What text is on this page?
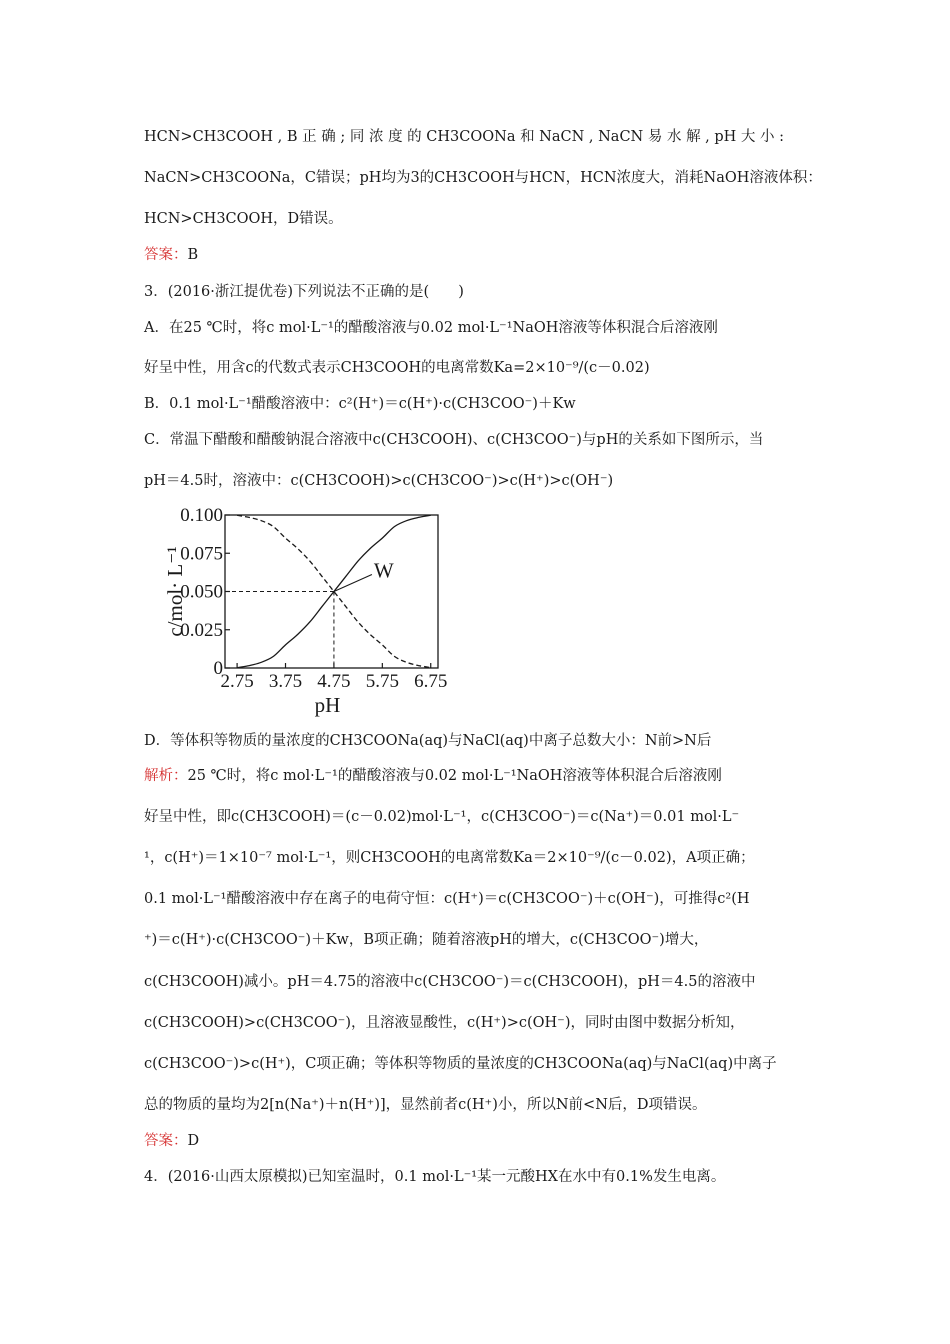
HCN>CH3COOH , B 正 确 ; 同 浓 度 的 CH3COONa 和 NaCN , NaCN 易 水 解 , pH 大 小 :
NaCN>CH3COONa，C错误；pH均为3的CH3COOH与HCN，HCN浓度大，消耗NaOH溶液体积：
HCN>CH3COOH，D错误。
答案：B
3．(2016·浙江提优卷)下列说法不正确的是(　　)
A．在25 ℃时，将c mol·L⁻¹的醋酸溶液与0.02 mol·L⁻¹NaOH溶液等体积混合后溶液刚
好呈中性，用含c的代数式表示CH3COOH的电离常数Ka=2×10⁻⁹/(c－0.02)
B．0.1 mol·L⁻¹醋酸溶液中：c²(H⁺)＝c(H⁺)·c(CH3COO⁻)＋Kw
C．常温下醋酸和醋酸钠混合溶液中c(CH3COOH)、c(CH3COO⁻)与pH的关系如下图所示，当
pH＝4.5时，溶液中：c(CH3COOH)>c(CH3COO⁻)>c(H⁺)>c(OH⁻)
0
0.025
0.050
0.075
0.100
2.75 3.75 4.75 5.75 6.75
pH
c/mol· L⁻¹	W
D．等体积等物质的量浓度的CH3COONa(aq)与NaCl(aq)中离子总数大小：N前>N后
解析：25 ℃时，将c mol·L⁻¹的醋酸溶液与0.02 mol·L⁻¹NaOH溶液等体积混合后溶液刚
好呈中性，即c(CH3COOH)＝(c－0.02)mol·L⁻¹，c(CH3COO⁻)＝c(Na⁺)＝0.01 mol·L⁻
¹，c(H⁺)＝1×10⁻⁷ mol·L⁻¹，则CH3COOH的电离常数Ka＝2×10⁻⁹/(c－0.02)，A项正确；
0.1 mol·L⁻¹醋酸溶液中存在离子的电荷守恒：c(H⁺)＝c(CH3COO⁻)＋c(OH⁻)，可推得c²(H
⁺)＝c(H⁺)·c(CH3COO⁻)＋Kw，B项正确；随着溶液pH的增大，c(CH3COO⁻)增大，
c(CH3COOH)减小。pH＝4.75的溶液中c(CH3COO⁻)＝c(CH3COOH)，pH＝4.5的溶液中
c(CH3COOH)>c(CH3COO⁻)，且溶液显酸性，c(H⁺)>c(OH⁻)，同时由图中数据分析知，
c(CH3COO⁻)>c(H⁺)，C项正确；等体积等物质的量浓度的CH3COONa(aq)与NaCl(aq)中离子
总的物质的量均为2[n(Na⁺)＋n(H⁺)]，显然前者c(H⁺)小，所以N前<N后，D项错误。
答案：D
4．(2016·山西太原模拟)已知室温时，0.1 mol·L⁻¹某一元酸HX在水中有0.1%发生电离。
